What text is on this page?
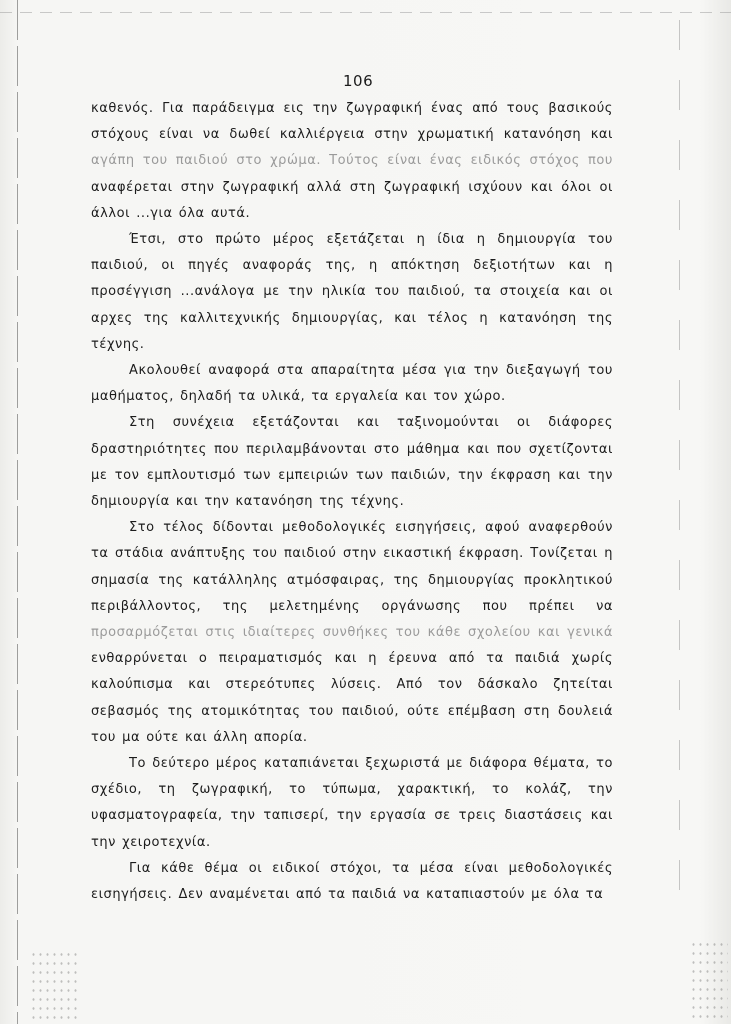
106

καθενός. Για παράδειγμα εις την ζωγραφική ένας από τους βασικούς στόχους είναι να δωθεί καλλιέργεια στην χρωματική κατανόηση και αγάπη του παιδιού στο χρώμα. Τούτος είναι ένας ειδικός στόχος που αναφέρεται στην ζωγραφική αλλά στη ζωγραφική ισχύουν και όλοι οι άλλοι ...για όλα αυτά.

Έτσι, στο πρώτο μέρος εξετάζεται η ίδια η δημιουργία του παιδιού, οι πηγές αναφοράς της, η απόκτηση δεξιοτήτων και η προσέγγιση ...ανάλογα με την ηλικία του παιδιού, τα στοιχεία και οι αρχες της καλλιτεχνικής δημιουργίας, και τέλος η κατανόηση της τέχνης.

Ακολουθεί αναφορά στα απαραίτητα μέσα για την διεξαγωγή του μαθήματος, δηλαδή τα υλικά, τα εργαλεία και τον χώρο.

Στη συνέχεια εξετάζονται και ταξινομούνται οι διάφορες δραστηριότητες που περιλαμβάνονται στο μάθημα και που σχετίζονται με τον εμπλουτισμό των εμπειριών των παιδιών, την έκφραση και την δημιουργία και την κατανόηση της τέχνης.

Στο τέλος δίδονται μεθοδολογικές εισηγήσεις, αφού αναφερθούν τα στάδια ανάπτυξης του παιδιού στην εικαστική έκφραση. Τονίζεται η σημασία της κατάλληλης ατμόσφαιρας, της δημιουργίας προκλητικού περιβάλλοντος, της μελετημένης οργάνωσης που πρέπει να προσαρμόζεται στις ιδιαίτερες συνθήκες του κάθε σχολείου και γενικά ενθαρρύνεται ο πειραματισμός και η έρευνα από τα παιδιά χωρίς καλούπισμα και στερεότυπες λύσεις. Από τον δάσκαλο ζητείται σεβασμός της ατομικότητας του παιδιού, ούτε επέμβαση στη δουλειά του μα ούτε και άλλη απορία.

Το δεύτερο μέρος καταπιάνεται ξεχωριστά με διάφορα θέματα, το σχέδιο, τη ζωγραφική, το τύπωμα, χαρακτική, το κολάζ, την υφασματογραφεία, την ταπισερί, την εργασία σε τρεις διαστάσεις και την χειροτεχνία.

Για κάθε θέμα οι ειδικοί στόχοι, τα μέσα είναι μεθοδολογικές εισηγήσεις. Δεν αναμένεται από τα παιδιά να καταπιαστούν με όλα τα
